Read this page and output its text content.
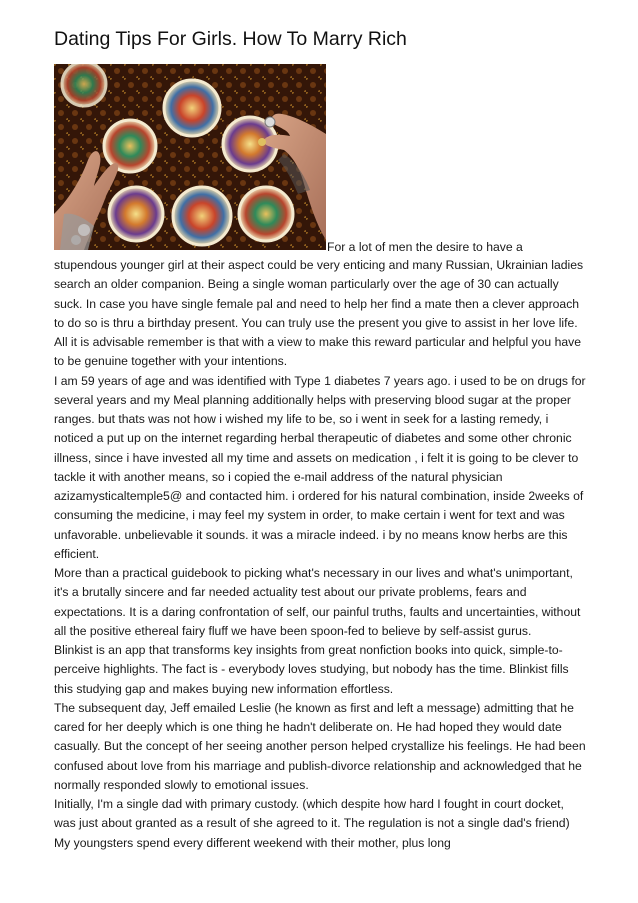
Dating Tips For Girls. How To Marry Rich
For a lot of men the desire to have a

stupendous younger girl at their aspect could be very enticing and many Russian, Ukrainian ladies search an older companion. Being a single woman particularly over the age of 30 can actually suck. In case you have single female pal and need to help her find a mate then a clever approach to do so is thru a birthday present. You can truly use the present you give to assist in her love life. All it is advisable remember is that with a view to make this reward particular and helpful you have to be genuine together with your intentions.

I am 59 years of age and was identified with Type 1 diabetes 7 years ago. i used to be on drugs for several years and my Meal planning additionally helps with preserving blood sugar at the proper ranges. but thats was not how i wished my life to be, so i went in seek for a lasting remedy, i noticed a put up on the internet regarding herbal therapeutic of diabetes and some other chronic illness, since i have invested all my time and assets on medication , i felt it is going to be clever to tackle it with another means, so i copied the e-mail address of the natural physician azizamysticaltemple5@ and contacted him. i ordered for his natural combination, inside 2weeks of consuming the medicine, i may feel my system in order, to make certain i went for text and was unfavorable. unbelievable it sounds. it was a miracle indeed. i by no means know herbs are this efficient.

More than a practical guidebook to picking what's necessary in our lives and what's unimportant, it's a brutally sincere and far needed actuality test about our private problems, fears and expectations. It is a daring confrontation of self, our painful truths, faults and uncertainties, without all the positive ethereal fairy fluff we have been spoon-fed to believe by self-assist gurus.

Blinkist is an app that transforms key insights from great nonfiction books into quick, simple-to-perceive highlights. The fact is - everybody loves studying, but nobody has the time. Blinkist fills this studying gap and makes buying new information effortless.

The subsequent day, Jeff emailed Leslie (he known as first and left a message) admitting that he cared for her deeply which is one thing he hadn't deliberate on. He had hoped they would date casually. But the concept of her seeing another person helped crystallize his feelings. He had been confused about love from his marriage and publish-divorce relationship and acknowledged that he normally responded slowly to emotional issues.

Initially, I'm a single dad with primary custody. (which despite how hard I fought in court docket, was just about granted as a result of she agreed to it. The regulation is not a single dad's friend) My youngsters spend every different weekend with their mother, plus long
